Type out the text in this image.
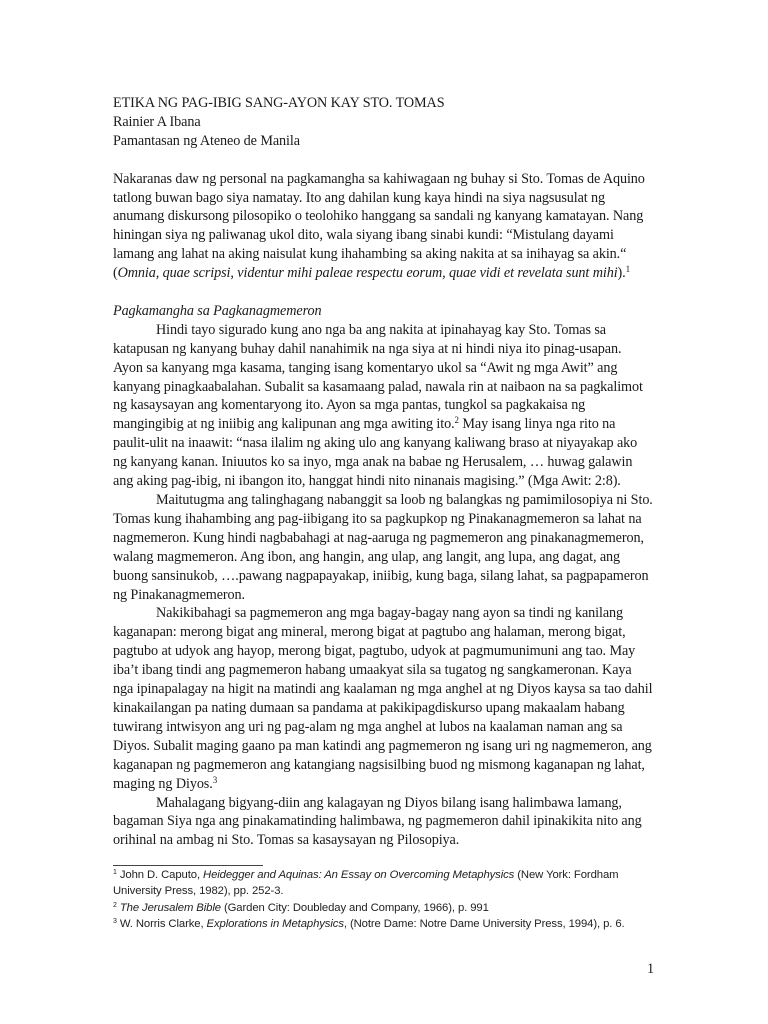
ETIKA NG PAG-IBIG SANG-AYON KAY STO. TOMAS
Rainier A Ibana
Pamantasan ng Ateneo de Manila

Nakaranas daw ng personal na pagkamangha sa kahiwagaan ng buhay si Sto. Tomas de Aquino tatlong buwan bago siya namatay. Ito ang dahilan kung kaya hindi na siya nagsusulat ng anumang diskursong pilosopiko o teolohiko hanggang sa sandali ng kanyang kamatayan. Nang hiningan siya ng paliwanag ukol dito, wala siyang ibang sinabi kundi: “Mistulang dayami lamang ang lahat na aking naisulat kung ihahambing sa aking nakita at sa inihayag sa akin.“ (Omnia, quae scripsi, videntur mihi paleae respectu eorum, quae vidi et revelata sunt mihi).$^1$

Pagkamangha sa Pagkanagmemeron

Hindi tayo sigurado kung ano nga ba ang nakita at ipinahayag kay Sto. Tomas sa katapusan ng kanyang buhay dahil nanahimik na nga siya at ni hindi niya ito pinag-usapan. Ayon sa kanyang mga kasama, tanging isang komentaryo ukol sa “Awit ng mga Awit” ang kanyang pinagkaabalahan. Subalit sa kasamaang palad, nawala rin at naibaon na sa pagkalimot ng kasaysayan ang komentaryong ito. Ayon sa mga pantas, tungkol sa pagkakaisa ng mangingibig at ng iniibig ang kalipunan ang mga awiting ito.$^2$ May isang linya nga rito na paulit-ulit na inaawit: “nasa ilalim ng aking ulo ang kanyang kaliwang braso at niyayakap ako ng kanyang kanan. Iniuutos ko sa inyo, mga anak na babae ng Herusalem, … huwag galawin ang aking pag-ibig, ni ibangon ito, hanggat hindi nito ninanais magising.” (Mga Awit: 2:8).

Maitutugma ang talinghagang nabanggit sa loob ng balangkas ng pamimilosopiya ni Sto. Tomas kung ihahambing ang pag-iibigang ito sa pagkupkop ng Pinakanagmemeron sa lahat na nagmemeron. Kung hindi nagbabahagi at nag-aaruga ng pagmemeron ang pinakanagmemeron, walang magmemeron. Ang ibon, ang hangin, ang ulap, ang langit, ang lupa, ang dagat, ang buong sansinukob, ….pawang nagpapayakap, iniibig, kung baga, silang lahat, sa pagpapameron ng Pinakanagmemeron.

Nakikibahagi sa pagmemeron ang mga bagay-bagay nang ayon sa tindi ng kanilang kaganapan: merong bigat ang mineral, merong bigat at pagtubo ang halaman, merong bigat, pagtubo at udyok ang hayop, merong bigat, pagtubo, udyok at pagmumunimuni ang tao. May iba’t ibang tindi ang pagmemeron habang umaakyat sila sa tugatog ng sangkameronan. Kaya nga ipinapalagay na higit na matindi ang kaalaman ng mga anghel at ng Diyos kaysa sa tao dahil kinakailangan pa nating dumaan sa pandama at pakikipagdiskurso upang makaalam habang tuwirang intwisyon ang uri ng pag-alam ng mga anghel at lubos na kaalaman naman ang sa Diyos. Subalit maging gaano pa man katindi ang pagmemeron ng isang uri ng nagmemeron, ang kaganapan ng pagmemeron ang katangiang nagsisilbing buod ng mismong kaganapan ng lahat, maging ng Diyos.$^3$

Mahalagang bigyang-diin ang kalagayan ng Diyos bilang isang halimbawa lamang, bagaman Siya nga ang pinakamatinding halimbawa, ng pagmemeron dahil ipinakikita nito ang orihinal na ambag ni Sto. Tomas sa kasaysayan ng Pilosopiya.

$^1$ John D. Caputo, Heidegger and Aquinas: An Essay on Overcoming Metaphysics (New York: Fordham University Press, 1982), pp. 252-3.
$^2$ The Jerusalem Bible (Garden City: Doubleday and Company, 1966), p. 991
$^3$ W. Norris Clarke, Explorations in Metaphysics, (Notre Dame: Notre Dame University Press, 1994), p. 6.
1
